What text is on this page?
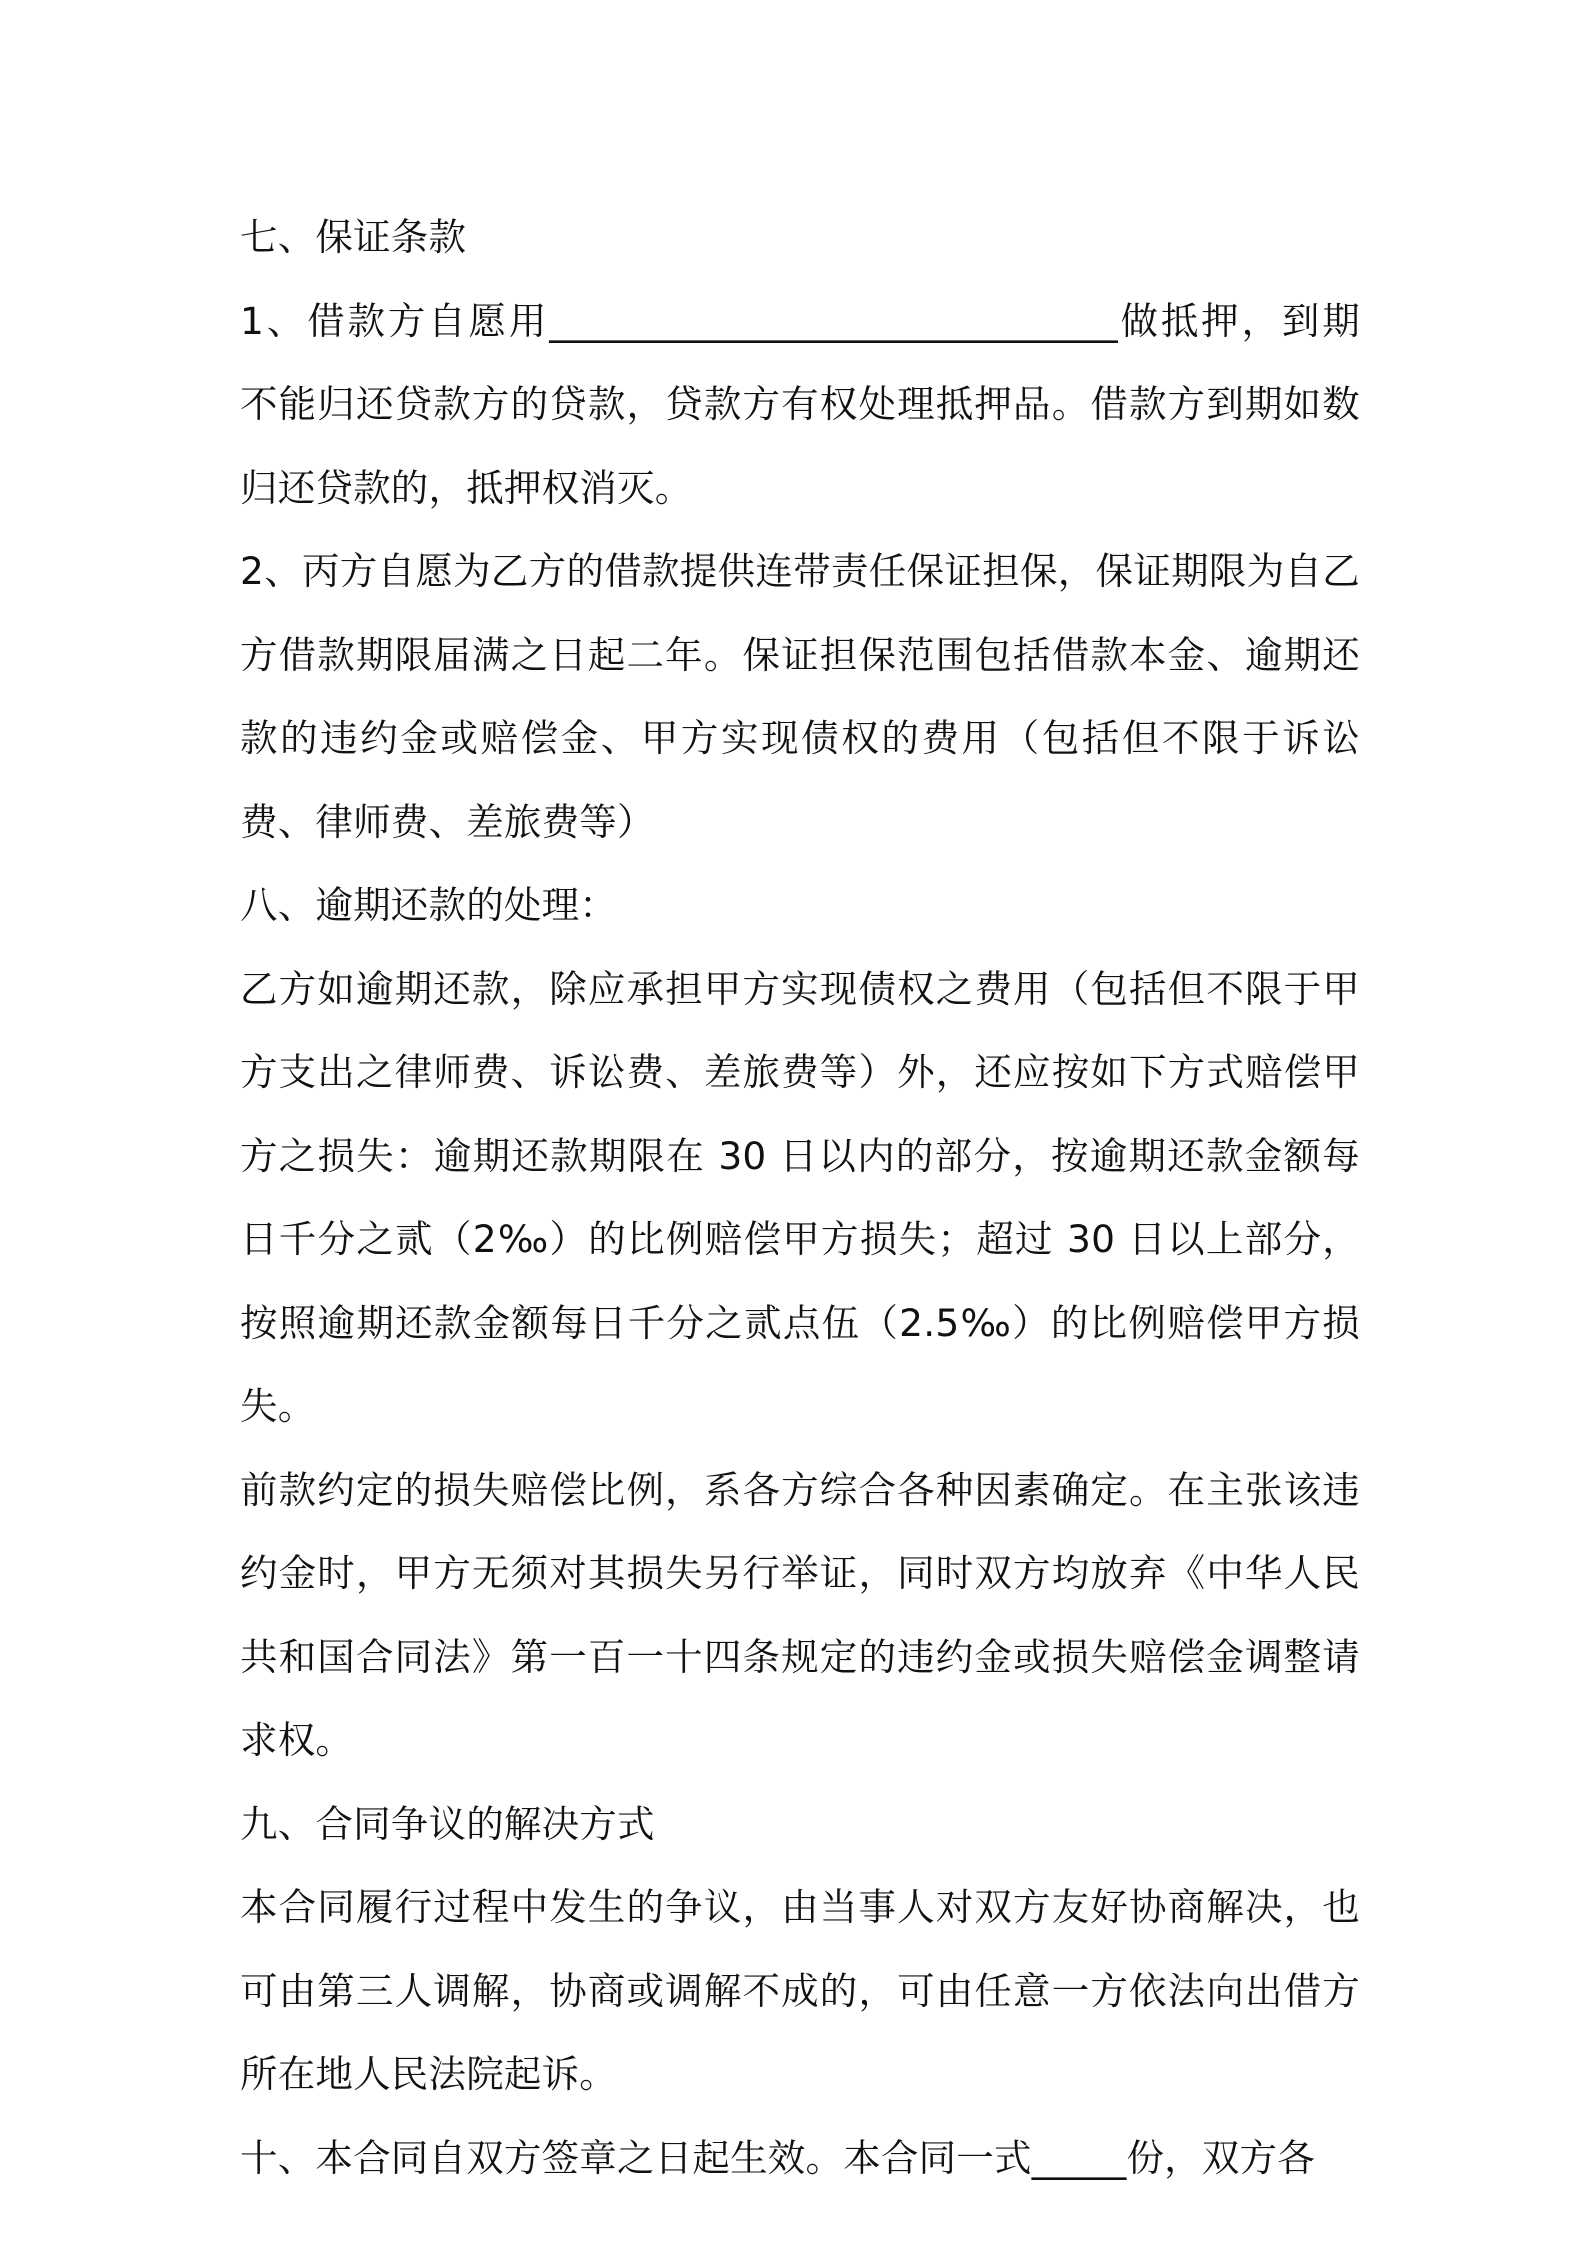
七、保证条款

1、借款方自愿用______________________________做抵押，到期不能归还贷款方的贷款，贷款方有权处理抵押品。借款方到期如数归还贷款的，抵押权消灭。

2、丙方自愿为乙方的借款提供连带责任保证担保，保证期限为自乙方借款期限届满之日起二年。保证担保范围包括借款本金、逾期还款的违约金或赔偿金、甲方实现债权的费用（包括但不限于诉讼费、律师费、差旅费等）

八、逾期还款的处理：

乙方如逾期还款，除应承担甲方实现债权之费用（包括但不限于甲方支出之律师费、诉讼费、差旅费等）外，还应按如下方式赔偿甲方之损失：逾期还款期限在 30 日以内的部分，按逾期还款金额每日千分之贰（2‰）的比例赔偿甲方损失；超过 30 日以上部分，按照逾期还款金额每日千分之贰点伍（2.5‰）的比例赔偿甲方损失。

前款约定的损失赔偿比例，系各方综合各种因素确定。在主张该违约金时，甲方无须对其损失另行举证，同时双方均放弃《中华人民共和国合同法》第一百一十四条规定的违约金或损失赔偿金调整请求权。

九、合同争议的解决方式

本合同履行过程中发生的争议，由当事人对双方友好协商解决，也可由第三人调解，协商或调解不成的，可由任意一方依法向出借方所在地人民法院起诉。

十、本合同自双方签章之日起生效。本合同一式_____份，双方各
